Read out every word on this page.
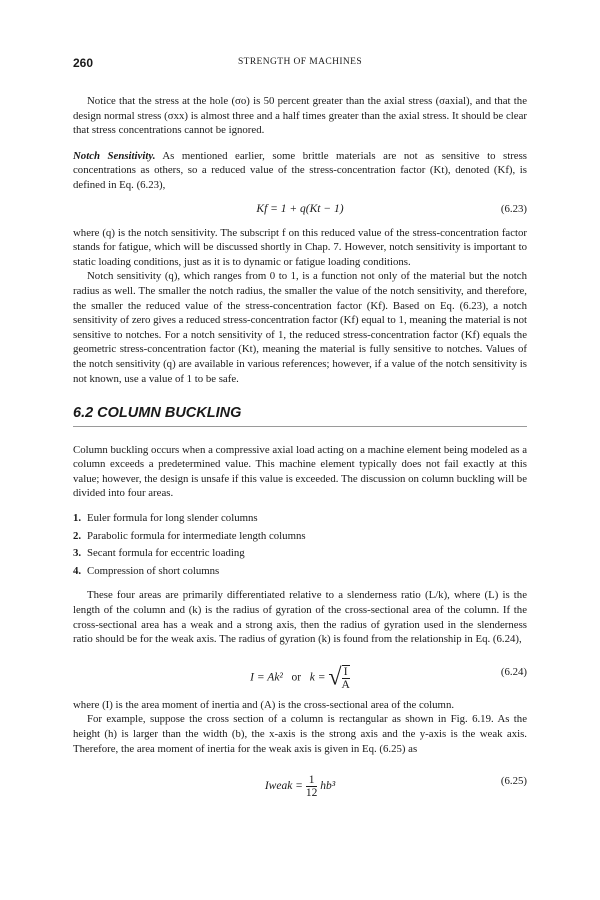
260	STRENGTH OF MACHINES

Notice that the stress at the hole (σo) is 50 percent greater than the axial stress (σaxial), and that the design normal stress (σxx) is almost three and a half times greater than the axial stress. It should be clear that stress concentrations cannot be ignored.

Notch Sensitivity. As mentioned earlier, some brittle materials are not as sensitive to stress concentrations as others, so a reduced value of the stress-concentration factor (Kt), denoted (Kf), is defined in Eq. (6.23),

Kf = 1 + q(Kt − 1)	(6.23)

where (q) is the notch sensitivity. The subscript f on this reduced value of the stress-concentration factor stands for fatigue, which will be discussed shortly in Chap. 7. However, notch sensitivity is important to static loading conditions, just as it is to dynamic or fatigue loading conditions.

Notch sensitivity (q), which ranges from 0 to 1, is a function not only of the material but the notch radius as well. The smaller the notch radius, the smaller the value of the notch sensitivity, and therefore, the smaller the reduced value of the stress-concentration factor (Kf). Based on Eq. (6.23), a notch sensitivity of zero gives a reduced stress-concentration factor (Kf) equal to 1, meaning the material is not sensitive to notches. For a notch sensitivity of 1, the reduced stress-concentration factor (Kf) equals the geometric stress-concentration factor (Kt), meaning the material is fully sensitive to notches. Values of the notch sensitivity (q) are available in various references; however, if a value of the notch sensitivity is not known, use a value of 1 to be safe.

6.2 COLUMN BUCKLING

Column buckling occurs when a compressive axial load acting on a machine element being modeled as a column exceeds a predetermined value. This machine element typically does not fail exactly at this value; however, the design is unsafe if this value is exceeded. The discussion on column buckling will be divided into four areas.

1. Euler formula for long slender columns
2. Parabolic formula for intermediate length columns
3. Secant formula for eccentric loading
4. Compression of short columns

These four areas are primarily differentiated relative to a slenderness ratio (L/k), where (L) is the length of the column and (k) is the radius of gyration of the cross-sectional area of the column. If the cross-sectional area has a weak and a strong axis, then the radius of gyration used in the slenderness ratio should be for the weak axis. The radius of gyration (k) is found from the relationship in Eq. (6.24),

I = Ak² or k = √ $\frac{I}{A}$	(6.24)

where (I) is the area moment of inertia and (A) is the cross-sectional area of the column.

For example, suppose the cross section of a column is rectangular as shown in Fig. 6.19. As the height (h) is larger than the width (b), the x-axis is the strong axis and the y-axis is the weak axis. Therefore, the area moment of inertia for the weak axis is given in Eq. (6.25) as

Iweak = $\frac{1}{12} hb^3$	(6.25)
